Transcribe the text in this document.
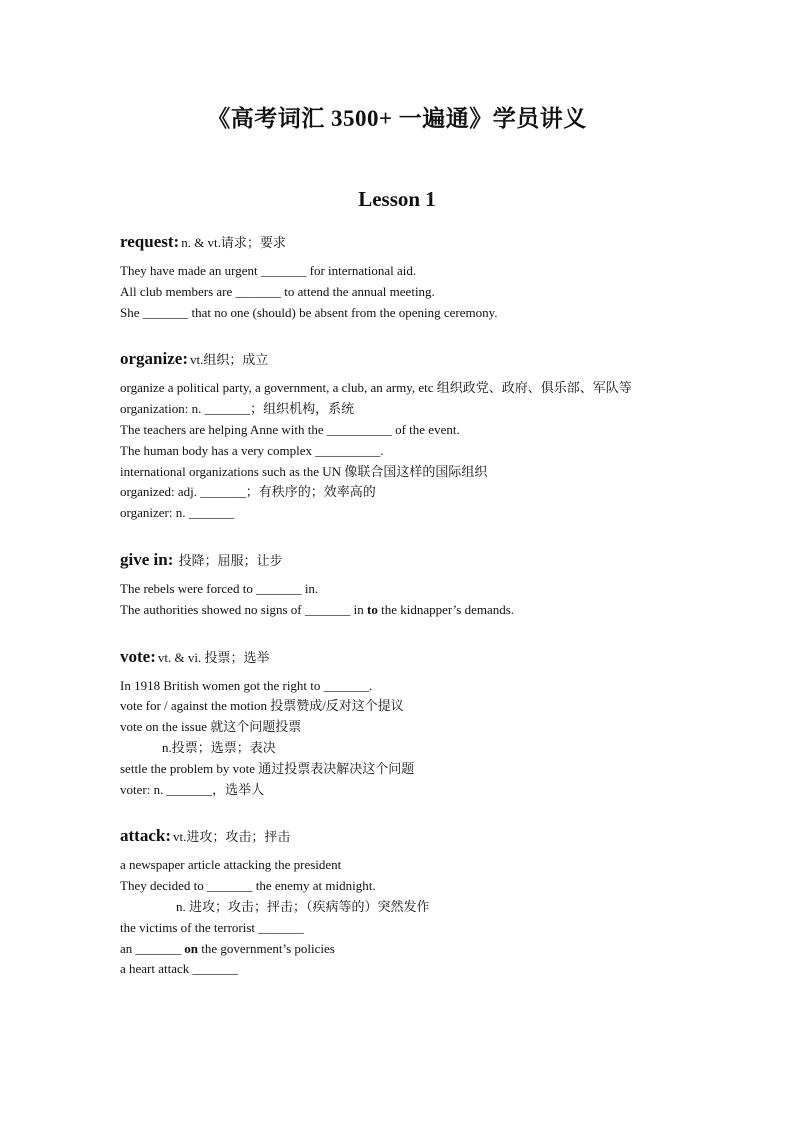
《高考词汇 3500+ 一遍通》学员讲义
Lesson 1
request: n. & vt.请求；要求
They have made an urgent _______ for international aid.
All club members are _______ to attend the annual meeting.
She _______ that no one (should) be absent from the opening ceremony.
organize: vt.组织；成立
organize a political party, a government, a club, an army, etc 组织政党、政府、俱乐部、军队等
organization: n. _______；组织机构，系统
The teachers are helping Anne with the __________ of the event.
The human body has a very complex __________.
international organizations such as the UN 像联合国这样的国际组织
organized: adj. _______；有秩序的；效率高的
organizer: n. _______
give in: 投降；屈服；让步
The rebels were forced to _______ in.
The authorities showed no signs of _______ in to the kidnapper’s demands.
vote: vt. & vi. 投票；选举
In 1918 British women got the right to _______.
vote for / against the motion 投票赞成/反对这个提议
vote on the issue 就这个问题投票
n.投票；选票；表决
settle the problem by vote 通过投票表决解决这个问题
voter: n. _______，选举人
attack: vt.进攻；攻击；抨击
a newspaper article attacking the president
They decided to _______ the enemy at midnight.
n. 进攻；攻击；抨击；（疾病等的）突然发作
the victims of the terrorist _______
an _______ on the government’s policies
a heart attack _______
